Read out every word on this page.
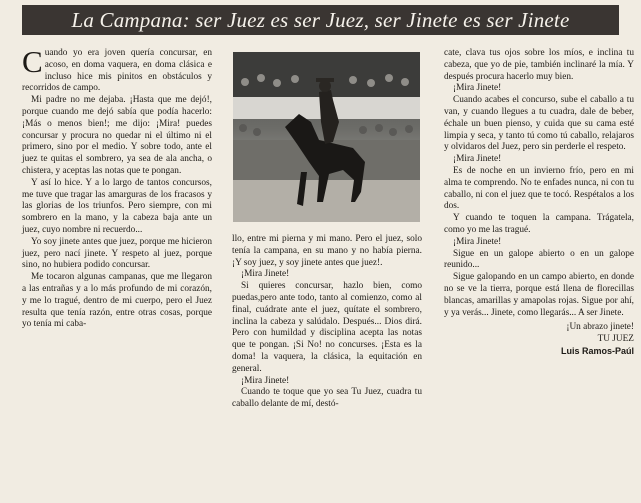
La Campana: ser Juez es ser Juez, ser Jinete es ser Jinete

Cuando yo era joven quería concursar, en acoso, en doma vaquera, en doma clásica e incluso hice mis pinitos en obstáculos y recorridos de campo.

Mi padre no me dejaba. ¡Hasta que me dejó!, porque cuando me dejó sabía que podía hacerlo: ¡Más o menos bien!; me dijo: ¡Mira! puedes concursar y procura no quedar ni el último ni el primero, sino por el medio. Y sobre todo, ante el juez te quitas el sombrero, ya sea de ala ancha, o chistera, y aceptas las notas que te pongan.

Y así lo hice. Y a lo largo de tantos concursos, me tuve que tragar las amarguras de los fracasos y las glorias de los triunfos. Pero siempre, con mi sombrero en la mano, y la cabeza baja ante un juez, cuyo nombre ni recuerdo...

Yo soy jinete antes que juez, porque me hicieron juez, pero nací jinete. Y respeto al juez, porque sino, no hubiera podido concursar.

Me tocaron algunas campanas, que me llegaron a las entrañas y a lo más profundo de mi corazón, y me lo tragué, dentro de mi cuerpo, pero el Juez resulta que tenía razón, entre otras cosas, porque yo tenía mi caba-

llo, entre mi pierna y mi mano. Pero el juez, solo tenía la campana, en su mano y no había pierna. ¡Y soy juez, y soy jinete antes que juez!.

¡Mira Jinete!

Si quieres concursar, hazlo bien, como puedas,pero ante todo, tanto al comienzo, como al final, cuádrate ante el juez, quítate el sombrero, inclina la cabeza y salúdalo. Después... Dios dirá. Pero con humildad y disciplina acepta las notas que te pongan. ¡Si No! no concurses. ¡Esta es la doma! la vaquera, la clásica, la equitación en general.

¡Mira Jinete!

Cuando te toque que yo sea Tu Juez, cuadra tu caballo delante de mí, destó-

cate, clava tus ojos sobre los míos, e inclina tu cabeza, que yo de pie, también inclinaré la mía. Y después procura hacerlo muy bien.

¡Mira Jinete!

Cuando acabes el concurso, sube el caballo a tu van, y cuando llegues a tu cuadra, dale de beber, échale un buen pienso, y cuida que su cama esté limpia y seca, y tanto tú como tú caballo, relajaros y olvidaros del Juez, pero sin perderle el respeto.

¡Mira Jinete!

Es de noche en un invierno frío, pero en mi alma te comprendo. No te enfades nunca, ni con tu caballo, ni con el juez que te tocó. Respétalos a los dos.

Y cuando te toquen la campana. Trágatela, como yo me las tragué.

¡Mira Jinete!

Sigue en un galope abierto o en un galope reunido...

Sigue galopando en un campo abierto, en donde no se ve la tierra, porque está llena de florecillas blancas, amarillas y amapolas rojas. Sigue por ahí, y ya verás... Jinete, como llegarás... A ser Jinete.

¡Un abrazo jinete!

TU JUEZ

Luis Ramos-Paúl
